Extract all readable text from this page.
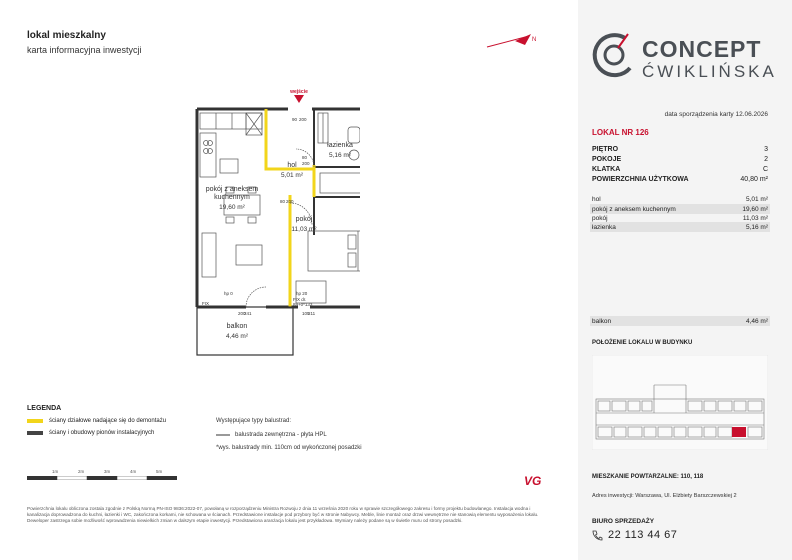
lokal mieszkalny
karta informacyjna inwestycji
N	CONCEPT
ĆWIKLIŃSKA
data sporządzenia karty 12.06.2026
LOKAL NR 126
PIĘTRO	3
POKOJE	2
KLATKA	C
POWIERZCHNIA UŻYTKOWA	40,80 m²
hol	5,01 m²
pokój z aneksem kuchennym	19,60 m²
pokój	11,03 m²
łazienka	5,16 m²
balkon	4,46 m²
POŁOŻENIE LOKALU W BUDYNKU
MIESZKANIE POWTARZALNE: 110, 118
Adres inwestycji: Warszawa, Ul. Elżbiety Barszczewskiej 2
BIURO SPRZEDAŻY
22 113 44 67
wejście
łazienka
5,16 m²
hol
5,01 m²
pokój z aneksem
kuchennym
19,60 m²
pokój
11,03 m²
balkon
4,46 m²
90 200
80
200
80 200
hp 0	hp 20
FIX
FIX dr.
89+0*133
200
241	105
211
LEGENDA
ściany działowe nadające się do demontażu
ściany i obudowy pionów instalacyjnych
Występujące typy balustrad:
balustrada zewnętrzna - płyta HPL
*wys. balustrady min. 110cm od wykończonej posadzki
1m	2m	3m	4m	5m
VG
Powierzchnia lokalu obliczona zostala zgodnie z Polską Normą PN-ISO 9836:2022-07, powołaną w rozporządzeniu Ministra Rozwoju z dnia 11 września 2020 roku w sprawie szczegółowego zakresu i formy projektu budowlanego. Instalacja wodna i kanalizacja doprowadzona do kuchni, łazienki i WC, zakończona korkami, nie schowana w ścianach. Przedstawione instalacje pod przybory być w stronie Nabywcy. Meble, linie montaż oraz drzwi wewnętrzne nie stanowią elementu wyposażenia lokalu. Deweloper zastrzega sobie możliwość wprowadzenia niewielkich zmian w dalszym etapie inwestycji. Przedstawiona aranżacja lokalu jest przykładowa. Wymiary należy podane są w świetle muru od strony posadzki.
